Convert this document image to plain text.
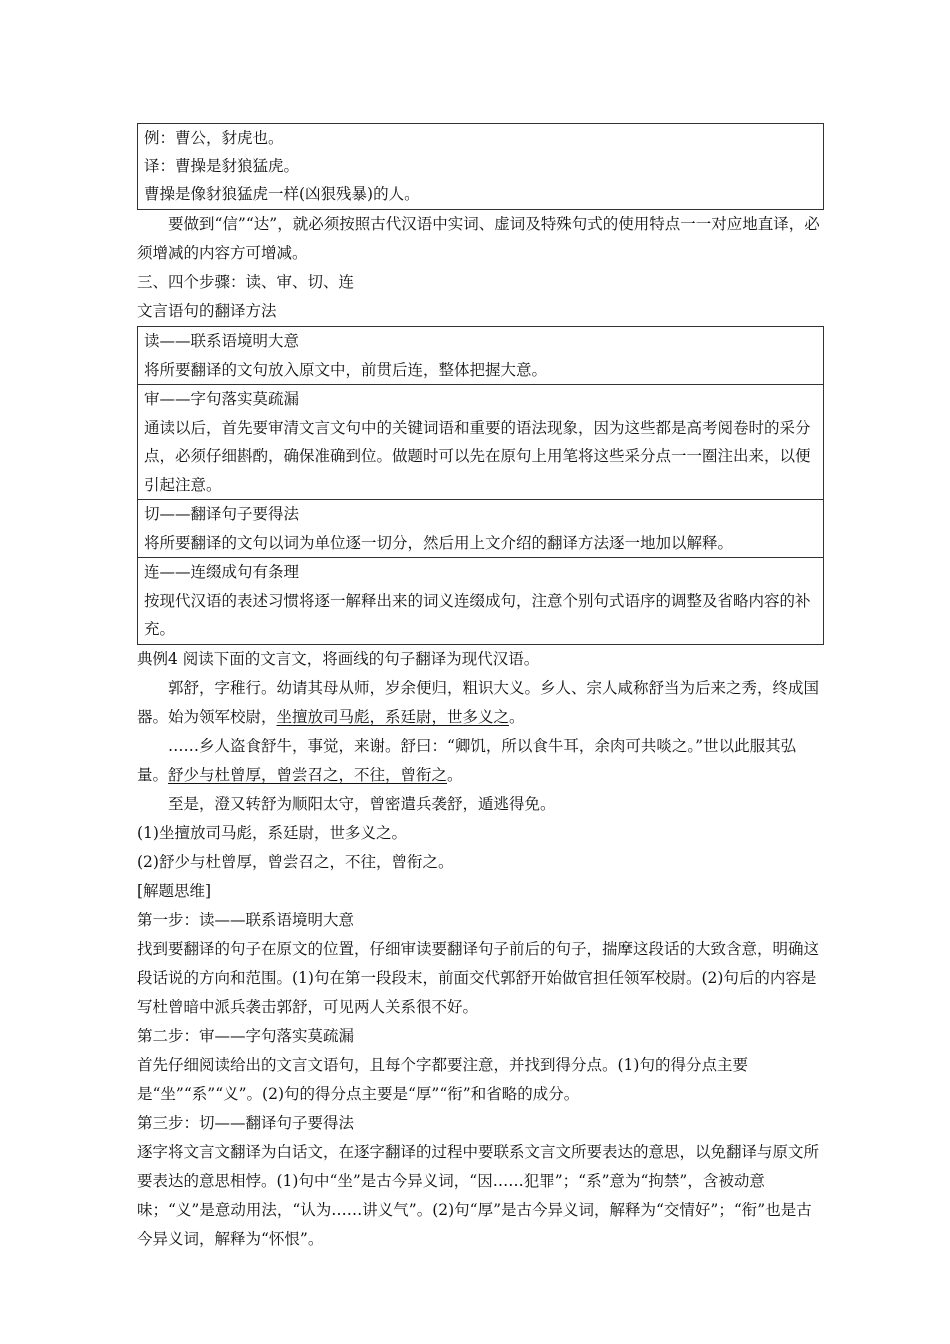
例：曹公，豺虎也。

译：曹操是豺狼猛虎。

曹操是像豺狼猛虎一样(凶狠残暴)的人。

要做到“信”“达”，就必须按照古代汉语中实词、虚词及特殊句式的使用特点一一对应地直译，必须增减的内容方可增减。

三、四个步骤：读、审、切、连

文言语句的翻译方法

读——联系语境明大意

将所要翻译的文句放入原文中，前贯后连，整体把握大意。

审——字句落实莫疏漏

通读以后，首先要审清文言文句中的关键词语和重要的语法现象，因为这些都是高考阅卷时的采分点，必须仔细斟酌，确保准确到位。做题时可以先在原句上用笔将这些采分点一一圈注出来，以便引起注意。

切——翻译句子要得法

将所要翻译的文句以词为单位逐一切分，然后用上文介绍的翻译方法逐一地加以解释。

连——连缀成句有条理

按现代汉语的表述习惯将逐一解释出来的词义连缀成句，注意个别句式语序的调整及省略内容的补充。

典例4 阅读下面的文言文，将画线的句子翻译为现代汉语。

郭舒，字稚行。幼请其母从师，岁余便归，粗识大义。乡人、宗人咸称舒当为后来之秀，终成国器。始为领军校尉，坐擅放司马彪，系廷尉，世多义之。

……乡人盗食舒牛，事觉，来谢。舒曰：“卿饥，所以食牛耳，余肉可共啖之。”世以此服其弘量。舒少与杜曾厚，曾尝召之，不往，曾衔之。

至是，澄又转舒为顺阳太守，曾密遣兵袭舒，遁逃得免。

(1)坐擅放司马彪，系廷尉，世多义之。

(2)舒少与杜曾厚，曾尝召之，不往，曾衔之。

[解题思维]

第一步：读——联系语境明大意

找到要翻译的句子在原文的位置，仔细审读要翻译句子前后的句子，揣摩这段话的大致含意，明确这段话说的方向和范围。(1)句在第一段段末，前面交代郭舒开始做官担任领军校尉。(2)句后的内容是写杜曾暗中派兵袭击郭舒，可见两人关系很不好。

第二步：审——字句落实莫疏漏

首先仔细阅读给出的文言文语句，且每个字都要注意，并找到得分点。(1)句的得分点主要是“坐”“系”“义”。(2)句的得分点主要是“厚”“衔”和省略的成分。

第三步：切——翻译句子要得法

逐字将文言文翻译为白话文，在逐字翻译的过程中要联系文言文所要表达的意思，以免翻译与原文所要表达的意思相悖。(1)句中“坐”是古今异义词，“因……犯罪”；“系”意为“拘禁”，含被动意味；“义”是意动用法，“认为……讲义气”。(2)句“厚”是古今异义词，解释为“交情好”；“衔”也是古今异义词，解释为“怀恨”。
